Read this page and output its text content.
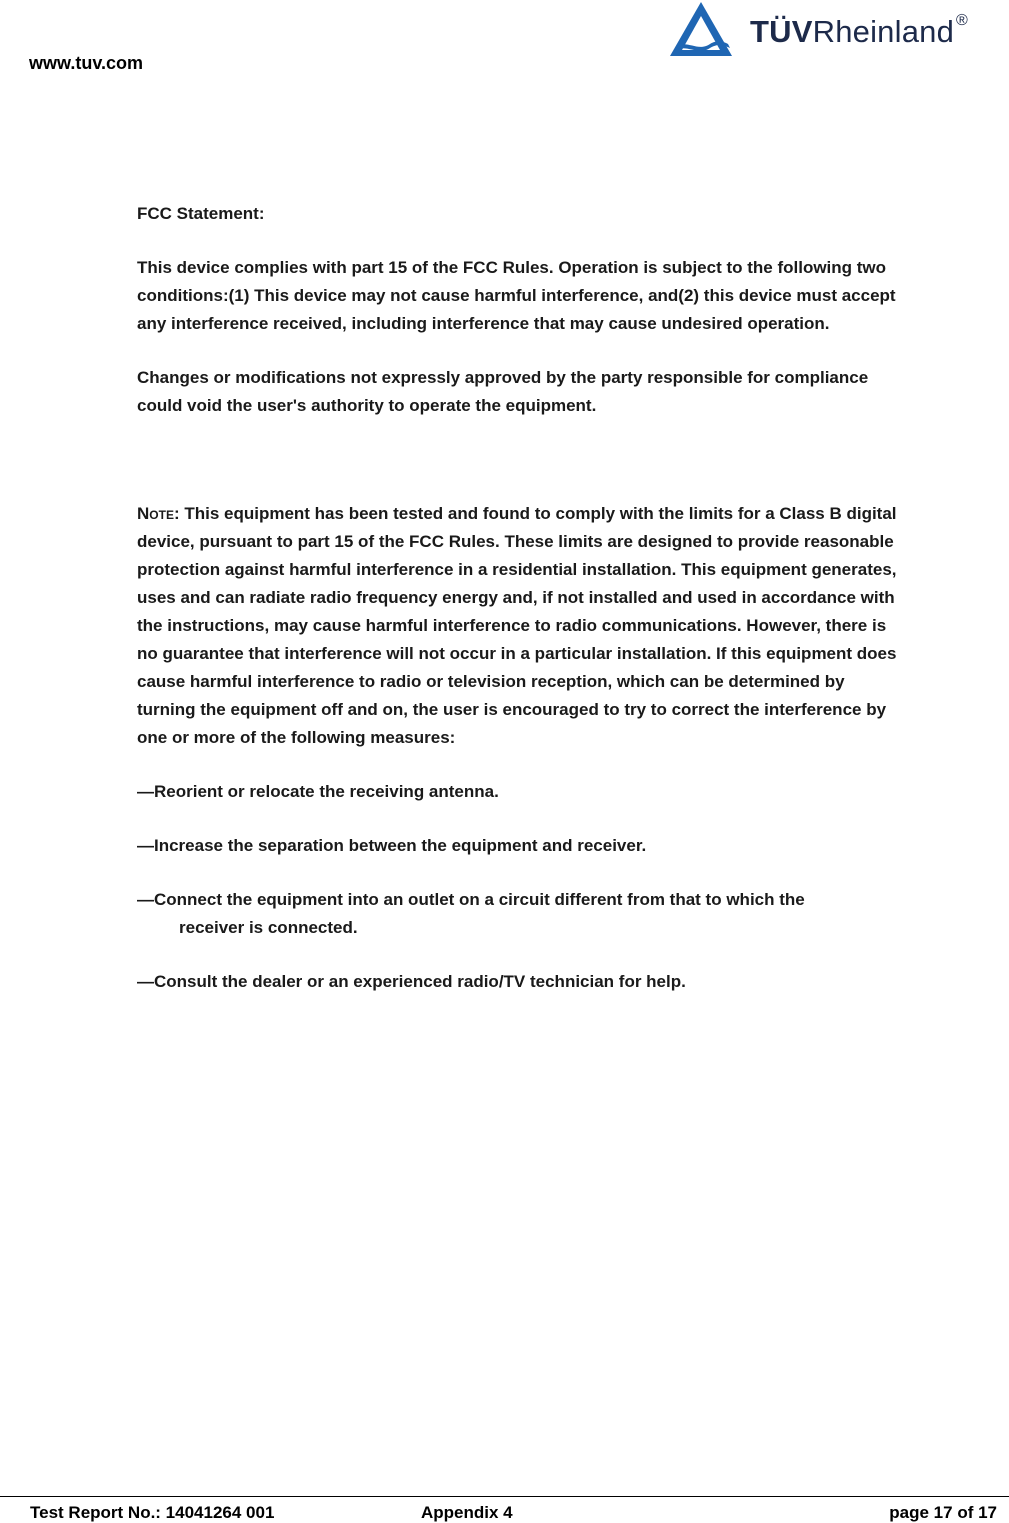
www.tuv.com
TÜVRheinland ®

FCC Statement:

This device complies with part 15 of the FCC Rules. Operation is subject to the following two conditions:(1) This device may not cause harmful interference, and(2) this device must accept any interference received, including interference that may cause undesired operation.

Changes or modifications not expressly approved by the party responsible for compliance could void the user's authority to operate the equipment.

Note: This equipment has been tested and found to comply with the limits for a Class B digital device, pursuant to part 15 of the FCC Rules. These limits are designed to provide reasonable protection against harmful interference in a residential installation. This equipment generates, uses and can radiate radio frequency energy and, if not installed and used in accordance with the instructions, may cause harmful interference to radio communications. However, there is no guarantee that interference will not occur in a particular installation. If this equipment does cause harmful interference to radio or television reception, which can be determined by turning the equipment off and on, the user is encouraged to try to correct the interference by one or more of the following measures:

—Reorient or relocate the receiving antenna.

—Increase the separation between the equipment and receiver.

—Connect the equipment into an outlet on a circuit different from that to which the
receiver is connected.

—Consult the dealer or an experienced radio/TV technician for help.

Test Report No.: 14041264 001	Appendix 4	page 17 of 17
